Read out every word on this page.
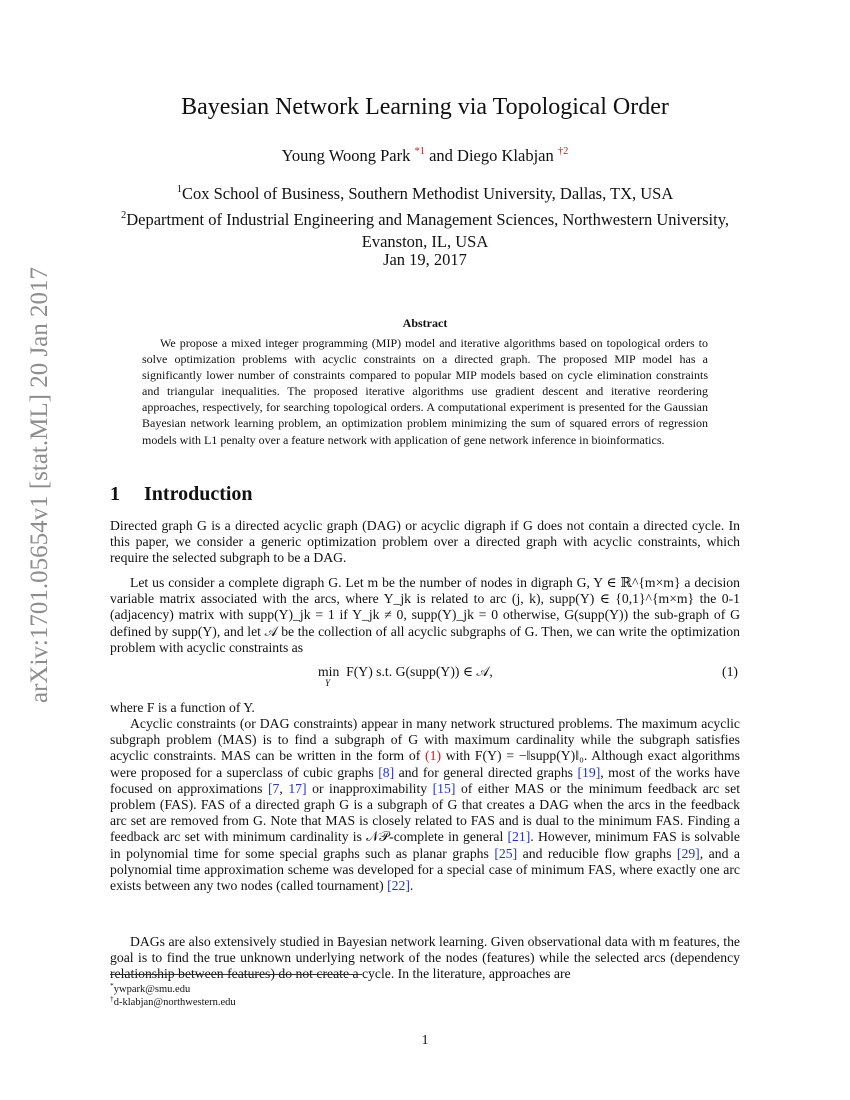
arXiv:1701.05654v1 [stat.ML] 20 Jan 2017
Bayesian Network Learning via Topological Order
Young Woong Park $^{*1}$ and Diego Klabjan $^{\dagger 2}$
$^1$Cox School of Business, Southern Methodist University, Dallas, TX, USA
$^2$Department of Industrial Engineering and Management Sciences, Northwestern University, Evanston, IL, USA
Jan 19, 2017
Abstract
We propose a mixed integer programming (MIP) model and iterative algorithms based on topological orders to solve optimization problems with acyclic constraints on a directed graph. The proposed MIP model has a significantly lower number of constraints compared to popular MIP models based on cycle elimination constraints and triangular inequalities. The proposed iterative algorithms use gradient descent and iterative reordering approaches, respectively, for searching topological orders. A computational experiment is presented for the Gaussian Bayesian network learning problem, an optimization problem minimizing the sum of squared errors of regression models with L1 penalty over a feature network with application of gene network inference in bioinformatics.
1 Introduction
Directed graph G is a directed acyclic graph (DAG) or acyclic digraph if G does not contain a directed cycle. In this paper, we consider a generic optimization problem over a directed graph with acyclic constraints, which require the selected subgraph to be a DAG.
Let us consider a complete digraph G. Let m be the number of nodes in digraph G, Y ∈ ℝ^{m×m} a decision variable matrix associated with the arcs, where Y_jk is related to arc (j, k), supp(Y) ∈ {0,1}^{m×m} the 0-1 (adjacency) matrix with supp(Y)_jk = 1 if Y_jk ≠ 0, supp(Y)_jk = 0 otherwise, G(supp(Y)) the sub-graph of G defined by supp(Y), and let 𝒜 be the collection of all acyclic subgraphs of G. Then, we can write the optimization problem with acyclic constraints as
min F(Y) s.t. G(supp(Y)) ∈ 𝒜,
Y
(1)
where F is a function of Y.
Acyclic constraints (or DAG constraints) appear in many network structured problems. The maximum acyclic subgraph problem (MAS) is to find a subgraph of G with maximum cardinality while the subgraph satisfies acyclic constraints. MAS can be written in the form of (1) with F(Y) = −‖supp(Y)‖₀. Although exact algorithms were proposed for a superclass of cubic graphs [8] and for general directed graphs [19], most of the works have focused on approximations [7, 17] or inapproximability [15] of either MAS or the minimum feedback arc set problem (FAS). FAS of a directed graph G is a subgraph of G that creates a DAG when the arcs in the feedback arc set are removed from G. Note that MAS is closely related to FAS and is dual to the minimum FAS. Finding a feedback arc set with minimum cardinality is 𝒩𝒫-complete in general [21]. However, minimum FAS is solvable in polynomial time for some special graphs such as planar graphs [25] and reducible flow graphs [29], and a polynomial time approximation scheme was developed for a special case of minimum FAS, where exactly one arc exists between any two nodes (called tournament) [22].
DAGs are also extensively studied in Bayesian network learning. Given observational data with m features, the goal is to find the true unknown underlying network of the nodes (features) while the selected arcs (dependency relationship between features) do not create a cycle. In the literature, approaches are
*ywpark@smu.edu
†d-klabjan@northwestern.edu
1
